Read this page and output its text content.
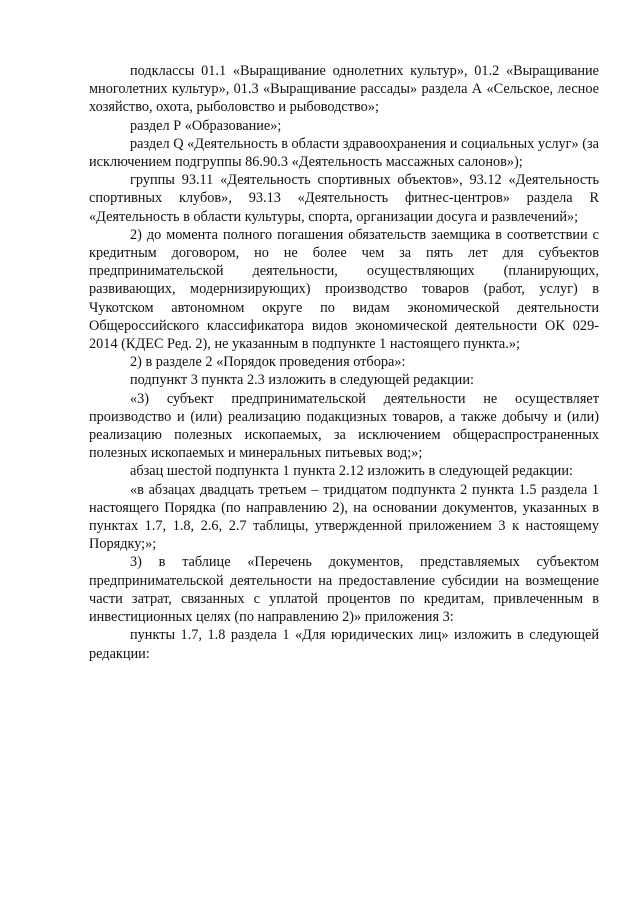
подклассы 01.1 «Выращивание однолетних культур», 01.2 «Выращивание многолетних культур», 01.3 «Выращивание рассады» раздела А «Сельское, лесное хозяйство, охота, рыболовство и рыбоводство»;

раздел Р «Образование»;

раздел Q «Деятельность в области здравоохранения и социальных услуг» (за исключением подгруппы 86.90.3 «Деятельность массажных салонов»);

группы 93.11 «Деятельность спортивных объектов», 93.12 «Деятельность спортивных клубов», 93.13 «Деятельность фитнес-центров» раздела R «Деятельность в области культуры, спорта, организации досуга и развлечений»;

2) до момента полного погашения обязательств заемщика в соответствии с кредитным договором, но не более чем за пять лет для субъектов предпринимательской деятельности, осуществляющих (планирующих, развивающих, модернизирующих) производство товаров (работ, услуг) в Чукотском автономном округе по видам экономической деятельности Общероссийского классификатора видов экономической деятельности ОК 029-2014 (КДЕС Ред. 2), не указанным в подпункте 1 настоящего пункта.»;

2) в разделе 2 «Порядок проведения отбора»:

подпункт 3 пункта 2.3 изложить в следующей редакции:

«3) субъект предпринимательской деятельности не осуществляет производство и (или) реализацию подакцизных товаров, а также добычу и (или) реализацию полезных ископаемых, за исключением общераспространенных полезных ископаемых и минеральных питьевых вод;»;

абзац шестой подпункта 1 пункта 2.12 изложить в следующей редакции:

«в абзацах двадцать третьем – тридцатом подпункта 2 пункта 1.5 раздела 1 настоящего Порядка (по направлению 2), на основании документов, указанных в пунктах 1.7, 1.8, 2.6, 2.7 таблицы, утвержденной приложением 3 к настоящему Порядку;»;

3) в таблице «Перечень документов, представляемых субъектом предпринимательской деятельности на предоставление субсидии на возмещение части затрат, связанных с уплатой процентов по кредитам, привлеченным в инвестиционных целях (по направлению 2)» приложения 3:

пункты 1.7, 1.8 раздела 1 «Для юридических лиц» изложить в следующей редакции:
